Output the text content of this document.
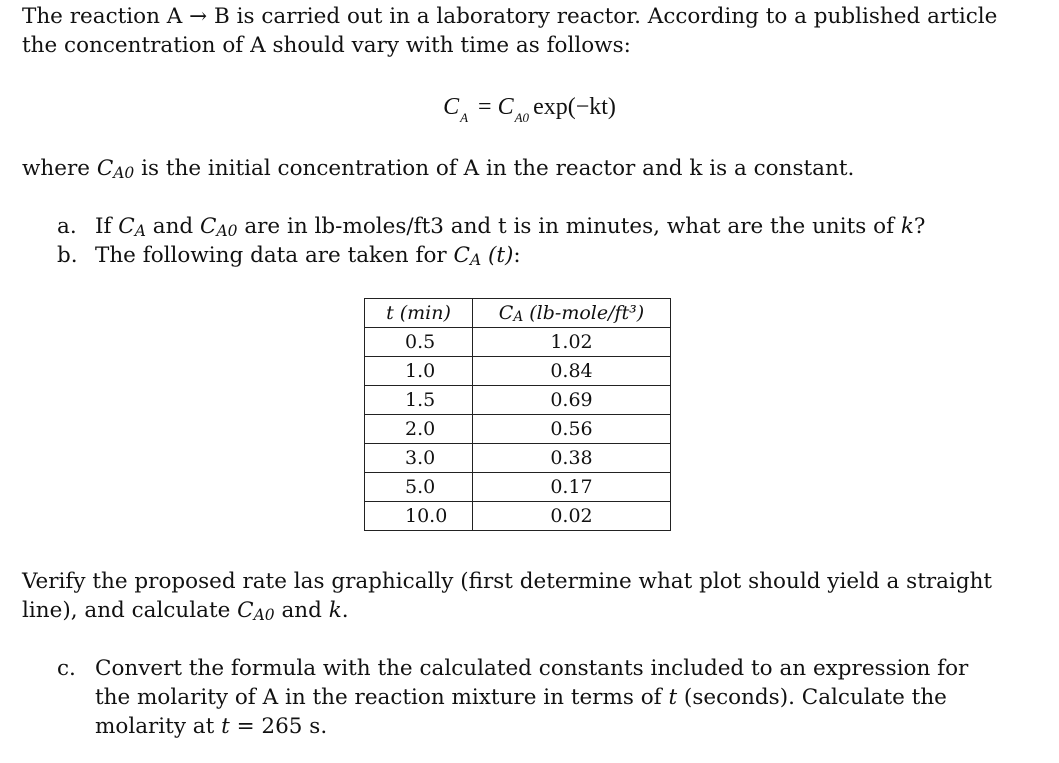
The reaction A → B is carried out in a laboratory reactor. According to a published article
the concentration of A should vary with time as follows:

$C_A = C_{A0}$ exp(−kt)

where CA0 is the initial concentration of A in the reactor and k is a constant.

a. If CA and CA0 are in lb-moles/ft3 and t is in minutes, what are the units of k?
b. The following data are taken for CA (t):
t (min)	CA (lb-mole/ft³)
0.5	1.02
1.0	0.84
1.5	0.69
2.0	0.56
3.0	0.38
5.0	0.17
10.0	0.02

Verify the proposed rate las graphically (first determine what plot should yield a straight
line), and calculate CA0 and k.

c. Convert the formula with the calculated constants included to an expression for
the molarity of A in the reaction mixture in terms of t (seconds). Calculate the
molarity at t = 265 s.
